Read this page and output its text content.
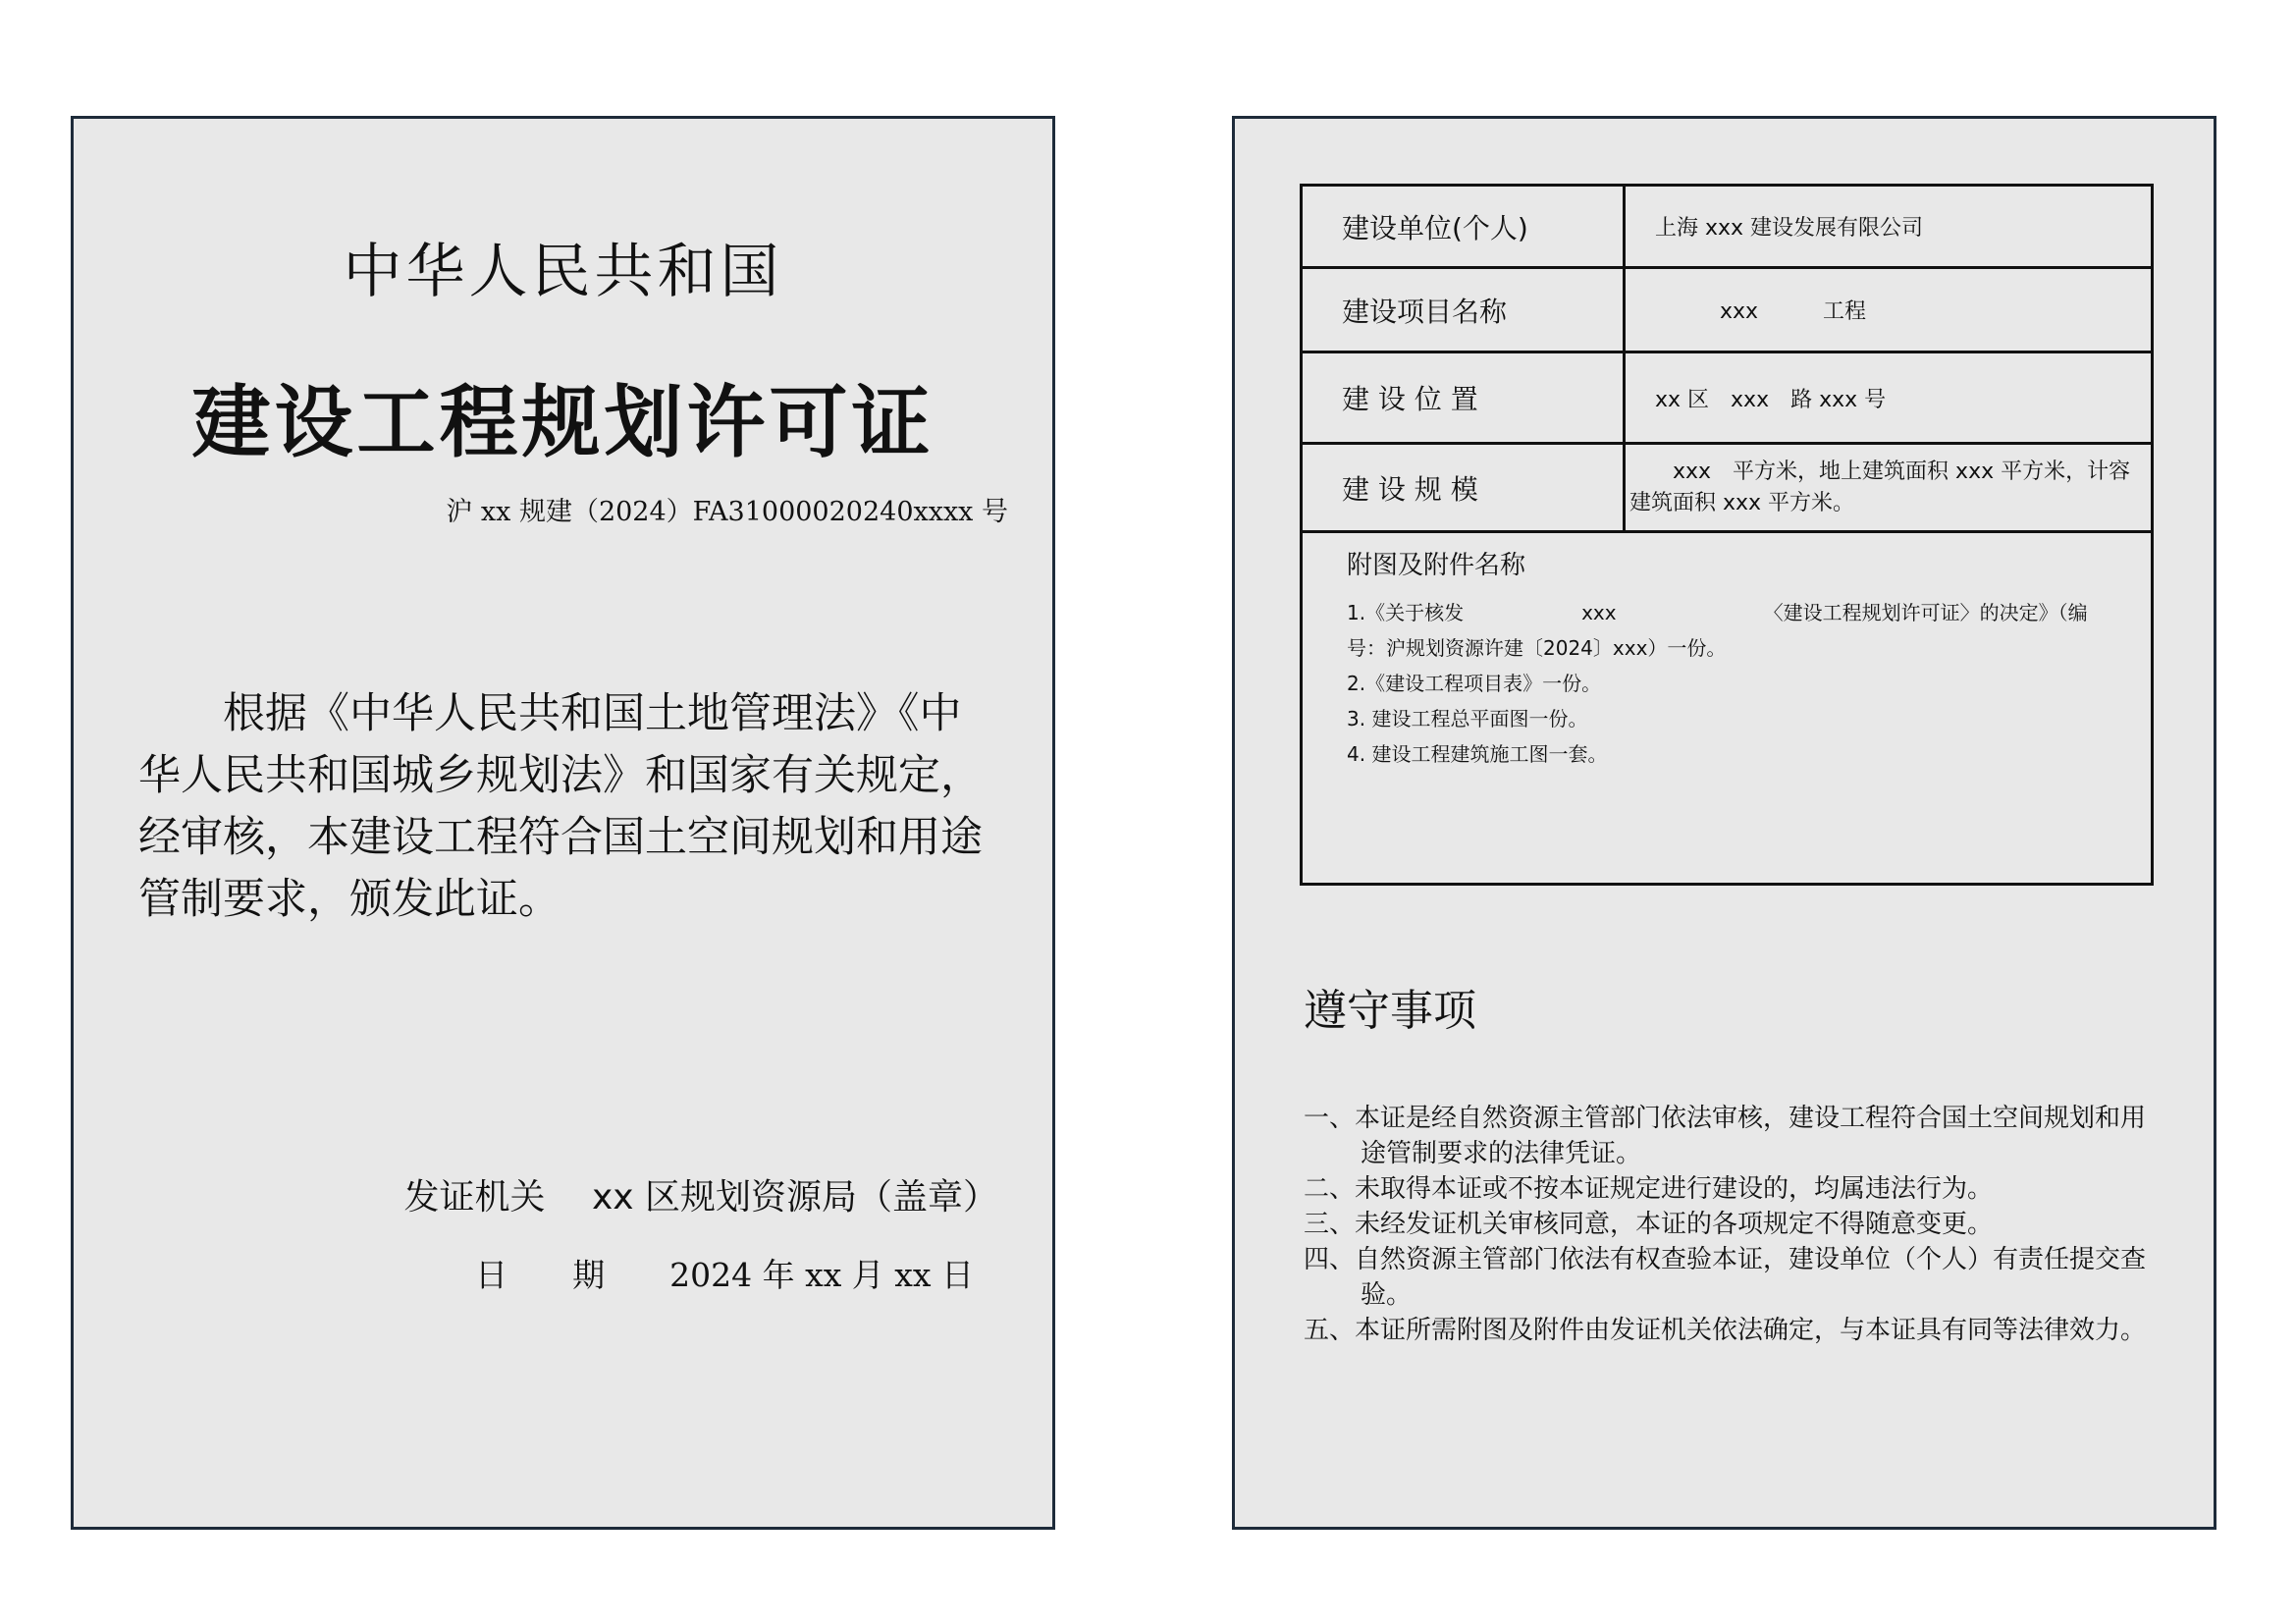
中华人民共和国
建设工程规划许可证
沪 xx 规建（2024）FA31000020240xxxx 号
根据《中华人民共和国土地管理法》《中华人民共和国城乡规划法》和国家有关规定，经审核，本建设工程符合国土空间规划和用途管制要求，颁发此证。
发证机关　 xx 区规划资源局（盖章）
日　　期　　2024 年 xx 月 xx 日
建设单位(个人)	上海 xxx 建设发展有限公司
建设项目名称	　　　xxx　　　工程
建 设 位 置	xx 区　xxx　路 xxx 号
建 设 规 模	　　xxx　平方米，地上建筑面积 xxx 平方米，计容建筑面积 xxx 平方米。

附图及附件名称
1.《关于核发　　　　　　xxx　　　　　　　　〈建设工程规划许可证〉的决定》（编号：沪规划资源许建〔2024〕xxx）一份。
2.《建设工程项目表》一份。
3. 建设工程总平面图一份。
4. 建设工程建筑施工图一套。	
遵守事项
一、本证是经自然资源主管部门依法审核，建设工程符合国土空间规划和用途管制要求的法律凭证。
二、未取得本证或不按本证规定进行建设的，均属违法行为。
三、未经发证机关审核同意，本证的各项规定不得随意变更。
四、自然资源主管部门依法有权查验本证，建设单位（个人）有责任提交查验。
五、本证所需附图及附件由发证机关依法确定，与本证具有同等法律效力。
